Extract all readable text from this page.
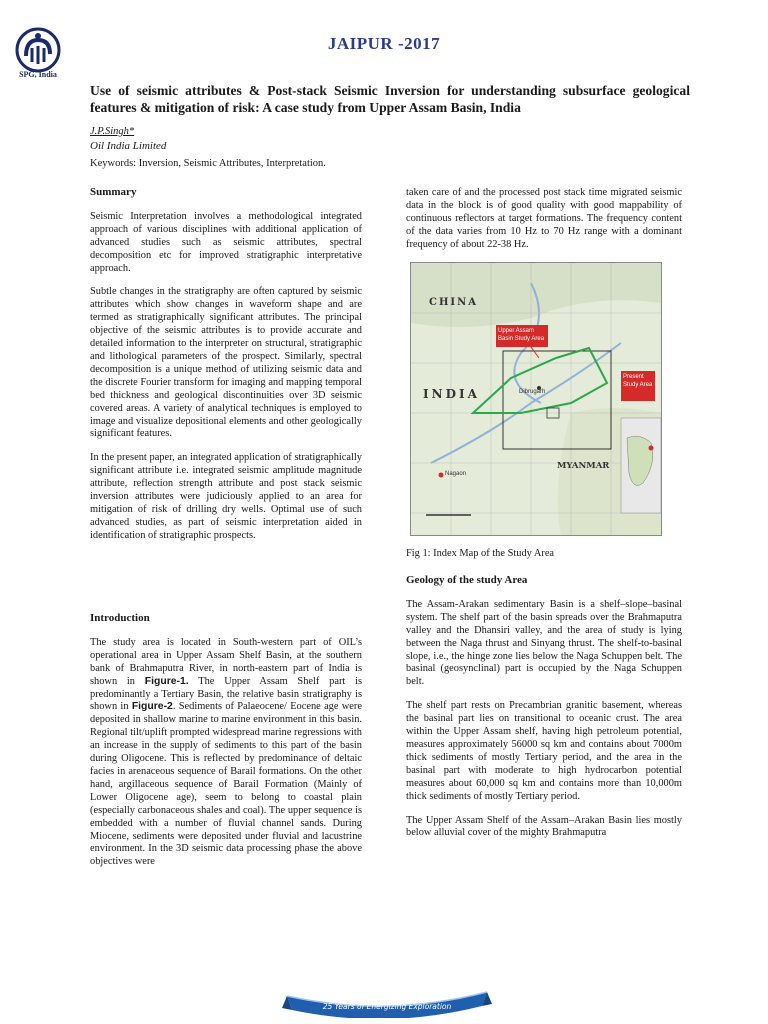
SPG, India
JAIPUR -2017
Use of seismic attributes & Post-stack Seismic Inversion for understanding subsurface geological features & mitigation of risk: A case study from Upper Assam Basin, India
J.P.Singh*
Oil India Limited
Keywords: Inversion, Seismic Attributes, Interpretation.
Summary

Seismic Interpretation involves a methodological integrated approach of various disciplines with additional application of advanced studies such as seismic attributes, spectral decomposition etc for improved stratigraphic interpretative approach.

Subtle changes in the stratigraphy are often captured by seismic attributes which show changes in waveform shape and are termed as stratigraphically significant attributes. The principal objective of the seismic attributes is to provide accurate and detailed information to the interpreter on structural, stratigraphic and lithological parameters of the prospect. Similarly, spectral decomposition is a unique method of utilizing seismic data and the discrete Fourier transform for imaging and mapping temporal bed thickness and geological discontinuities over 3D seismic covered areas. A variety of analytical techniques is employed to image and visualize depositional elements and other geologically significant features.

In the present paper, an integrated application of stratigraphically significant attribute i.e. integrated seismic amplitude magnitude attribute, reflection strength attribute and post stack seismic inversion attributes were judiciously applied to an area for mitigation of risk of drilling dry wells. Optimal use of such advanced studies, as part of seismic interpretation aided in identification of stratigraphic prospects.

Introduction

The study area is located in South-western part of OIL’s operational area in Upper Assam Shelf Basin, at the southern bank of Brahmaputra River, in north-eastern part of India is shown in Figure-1. The Upper Assam Shelf part is predominantly a Tertiary Basin, the relative basin stratigraphy is shown in Figure-2. Sediments of Palaeocene/ Eocene age were deposited in shallow marine to marine environment in this basin. Regional tilt/uplift prompted widespread marine regressions with an increase in the supply of sediments to this part of the basin during Oligocene. This is reflected by predominance of deltaic facies in arenaceous sequence of Barail formations. On the other hand, argillaceous sequence of Barail Formation (Mainly of Lower Oligocene age), seem to belong to coastal plain (especially carbonaceous shales and coal). The upper sequence is embedded with a number of fluvial channel sands. During Miocene, sediments were deposited under fluvial and lacustrine environment. In the 3D seismic data processing phase the above objectives were

taken care of and the processed post stack time migrated seismic data in the block is of good quality with good mappability of continuous reflectors at target formations. The frequency content of the data varies from 10 Hz to 70 Hz range with a dominant frequency of about 22-38 Hz.

CHINA
INDIA
MYANMAR
Upper Assam Basin Study Area
Present Study Area
Dibrugarh
Nagaon
Fig 1: Index Map of the Study Area
Geology of the study Area

The Assam-Arakan sedimentary Basin is a shelf–slope–basinal system. The shelf part of the basin spreads over the Brahmaputra valley and the Dhansiri valley, and the area of study is lying between the Naga thrust and Sinyang thrust. The shelf-to-basinal slope, i.e., the hinge zone lies below the Naga Schuppen belt. The basinal (geosynclinal) part is occupied by the Naga Schuppen belt.

The shelf part rests on Precambrian granitic basement, whereas the basinal part lies on transitional to oceanic crust. The area within the Upper Assam shelf, having high petroleum potential, measures approximately 56000 sq km and contains about 7000m thick sediments of mostly Tertiary period, and the area in the basinal part with moderate to high hydrocarbon potential measures about 60,000 sq km and contains more than 10,000m thick sediments of mostly Tertiary period.

The Upper Assam Shelf of the Assam–Arakan Basin lies mostly below alluvial cover of the mighty Brahmaputra

25 Years of Energizing Exploration
